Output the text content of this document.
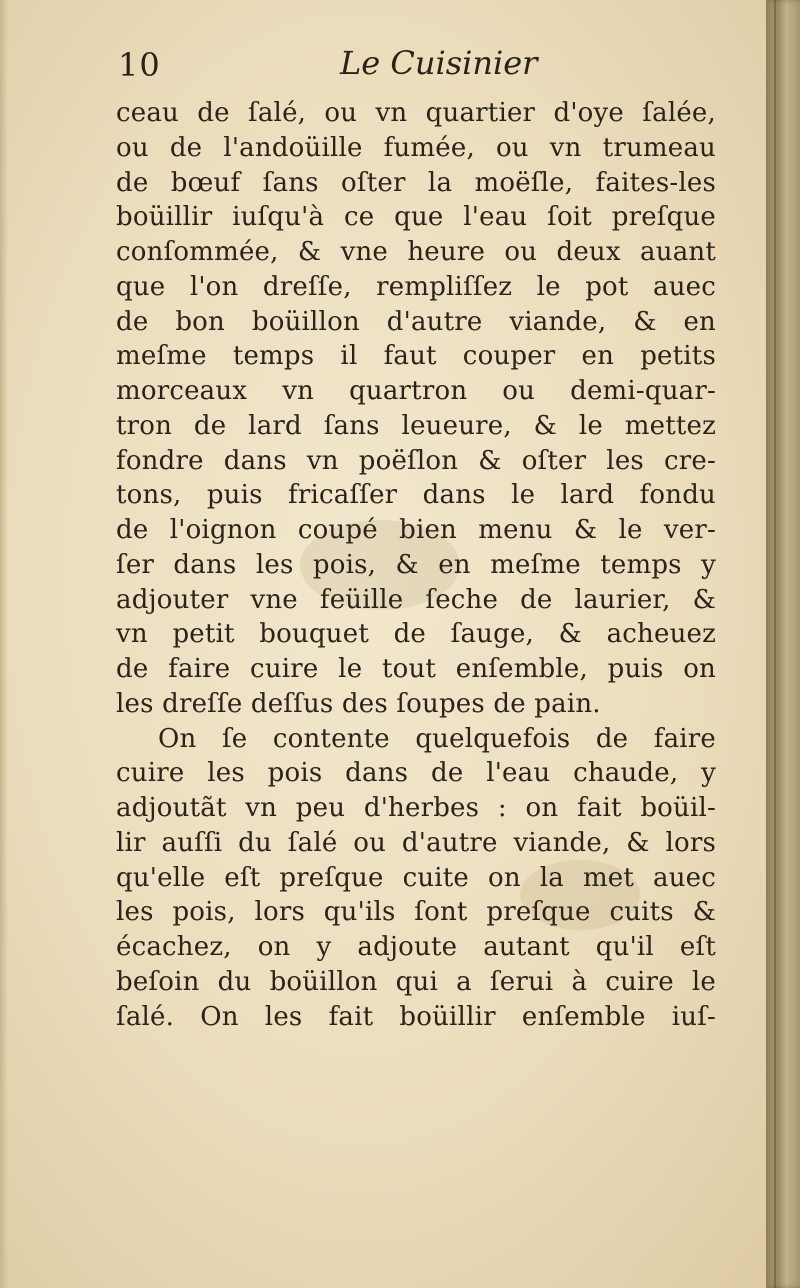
10	Le Cuisinier
ceau de ſalé, ou vn quartier d'oye ſalée,
ou de l'andoüille fumée, ou vn trumeau
de bœuf ſans oſter la moëſle, faites-les
boüillir iuſqu'à ce que l'eau ſoit preſque
conſommée, & vne heure ou deux auant
que l'on dreſſe, rempliſſez le pot auec
de bon boüillon d'autre viande, & en
meſme temps il faut couper en petits
morceaux vn quartron ou demi-quar-
tron de lard ſans leueure, & le mettez
fondre dans vn poëſlon & oſter les cre-
tons, puis fricaſſer dans le lard fondu
de l'oignon coupé bien menu & le ver-
ſer dans les pois, & en meſme temps y
adjouter vne feüille ſeche de laurier, &
vn petit bouquet de ſauge, & acheuez
de faire cuire le tout enſemble, puis on
les dreſſe deſſus des ſoupes de pain.
On ſe contente quelquefois de faire
cuire les pois dans de l'eau chaude, y
adjoutãt vn peu d'herbes : on fait boüil-
lir auſſi du ſalé ou d'autre viande, & lors
qu'elle eſt preſque cuite on la met auec
les pois, lors qu'ils ſont preſque cuits &
écachez, on y adjoute autant qu'il eſt
beſoin du boüillon qui a ſerui à cuire le
ſalé. On les fait boüillir enſemble iuſ-
